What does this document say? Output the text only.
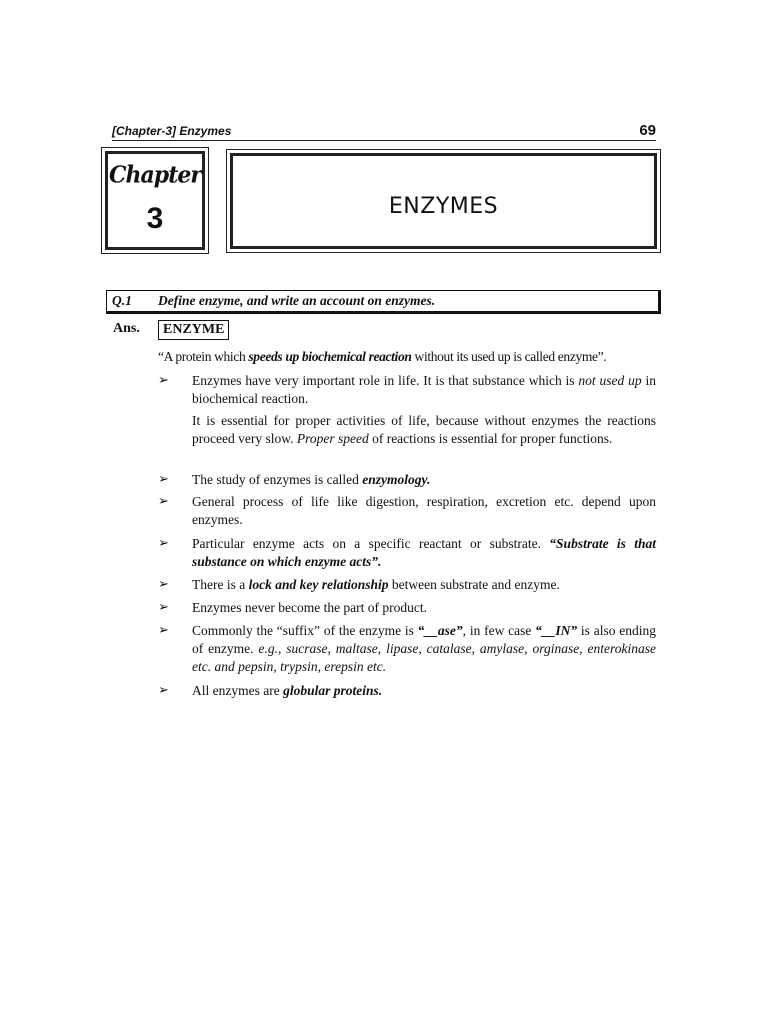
[Chapter-3] Enzymes	69
Chapter
3	ENZYMES
Q.1 Define enzyme, and write an account on enzymes.
Ans.	ENZYME
“A protein which speeds up biochemical reaction without its used up is called enzyme”.
➢ Enzymes have very important role in life. It is that substance which is not used up in biochemical reaction.

It is essential for proper activities of life, because without enzymes the reactions proceed very slow. Proper speed of reactions is essential for proper functions.

➢ The study of enzymes is called enzymology.
➢ General process of life like digestion, respiration, excretion etc. depend upon enzymes.
➢ Particular enzyme acts on a specific reactant or substrate. “Substrate is that substance on which enzyme acts”.
➢ There is a lock and key relationship between substrate and enzyme.
➢ Enzymes never become the part of product.
➢ Commonly the “suffix” of the enzyme is “__ase”, in few case “__IN” is also ending of enzyme. e.g., sucrase, maltase, lipase, catalase, amylase, orginase, enterokinase etc. and pepsin, trypsin, erepsin etc.
➢ All enzymes are globular proteins.
